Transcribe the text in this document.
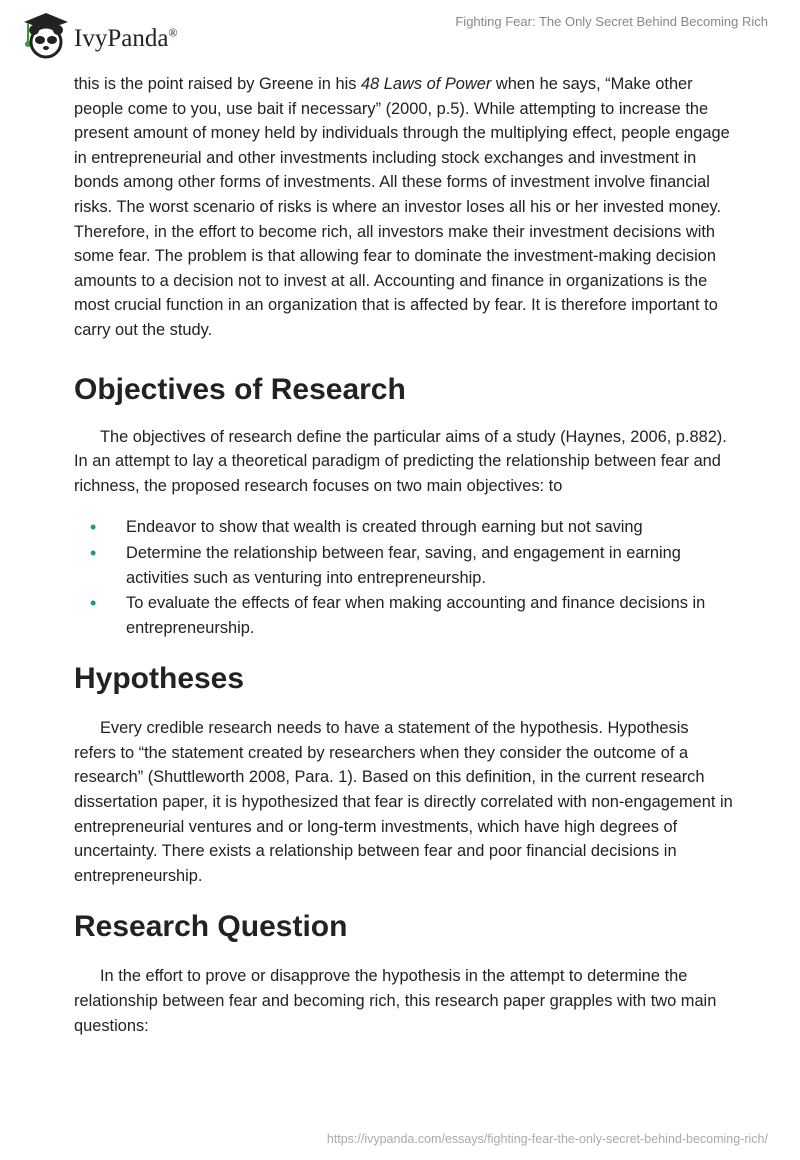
IvyPanda®
Fighting Fear: The Only Secret Behind Becoming Rich

this is the point raised by Greene in his 48 Laws of Power when he says, “Make other people come to you, use bait if necessary” (2000, p.5). While attempting to increase the present amount of money held by individuals through the multiplying effect, people engage in entrepreneurial and other investments including stock exchanges and investment in bonds among other forms of investments. All these forms of investment involve financial risks. The worst scenario of risks is where an investor loses all his or her invested money. Therefore, in the effort to become rich, all investors make their investment decisions with some fear. The problem is that allowing fear to dominate the investment-making decision amounts to a decision not to invest at all. Accounting and finance in organizations is the most crucial function in an organization that is affected by fear. It is therefore important to carry out the study.

Objectives of Research

The objectives of research define the particular aims of a study (Haynes, 2006, p.882). In an attempt to lay a theoretical paradigm of predicting the relationship between fear and richness, the proposed research focuses on two main objectives: to

• Endeavor to show that wealth is created through earning but not saving
• Determine the relationship between fear, saving, and engagement in earning activities such as venturing into entrepreneurship.
• To evaluate the effects of fear when making accounting and finance decisions in entrepreneurship.
Hypotheses

Every credible research needs to have a statement of the hypothesis. Hypothesis refers to “the statement created by researchers when they consider the outcome of a research” (Shuttleworth 2008, Para. 1). Based on this definition, in the current research dissertation paper, it is hypothesized that fear is directly correlated with non-engagement in entrepreneurial ventures and or long-term investments, which have high degrees of uncertainty. There exists a relationship between fear and poor financial decisions in entrepreneurship.

Research Question

In the effort to prove or disapprove the hypothesis in the attempt to determine the relationship between fear and becoming rich, this research paper grapples with two main questions:

https://ivypanda.com/essays/fighting-fear-the-only-secret-behind-becoming-rich/
